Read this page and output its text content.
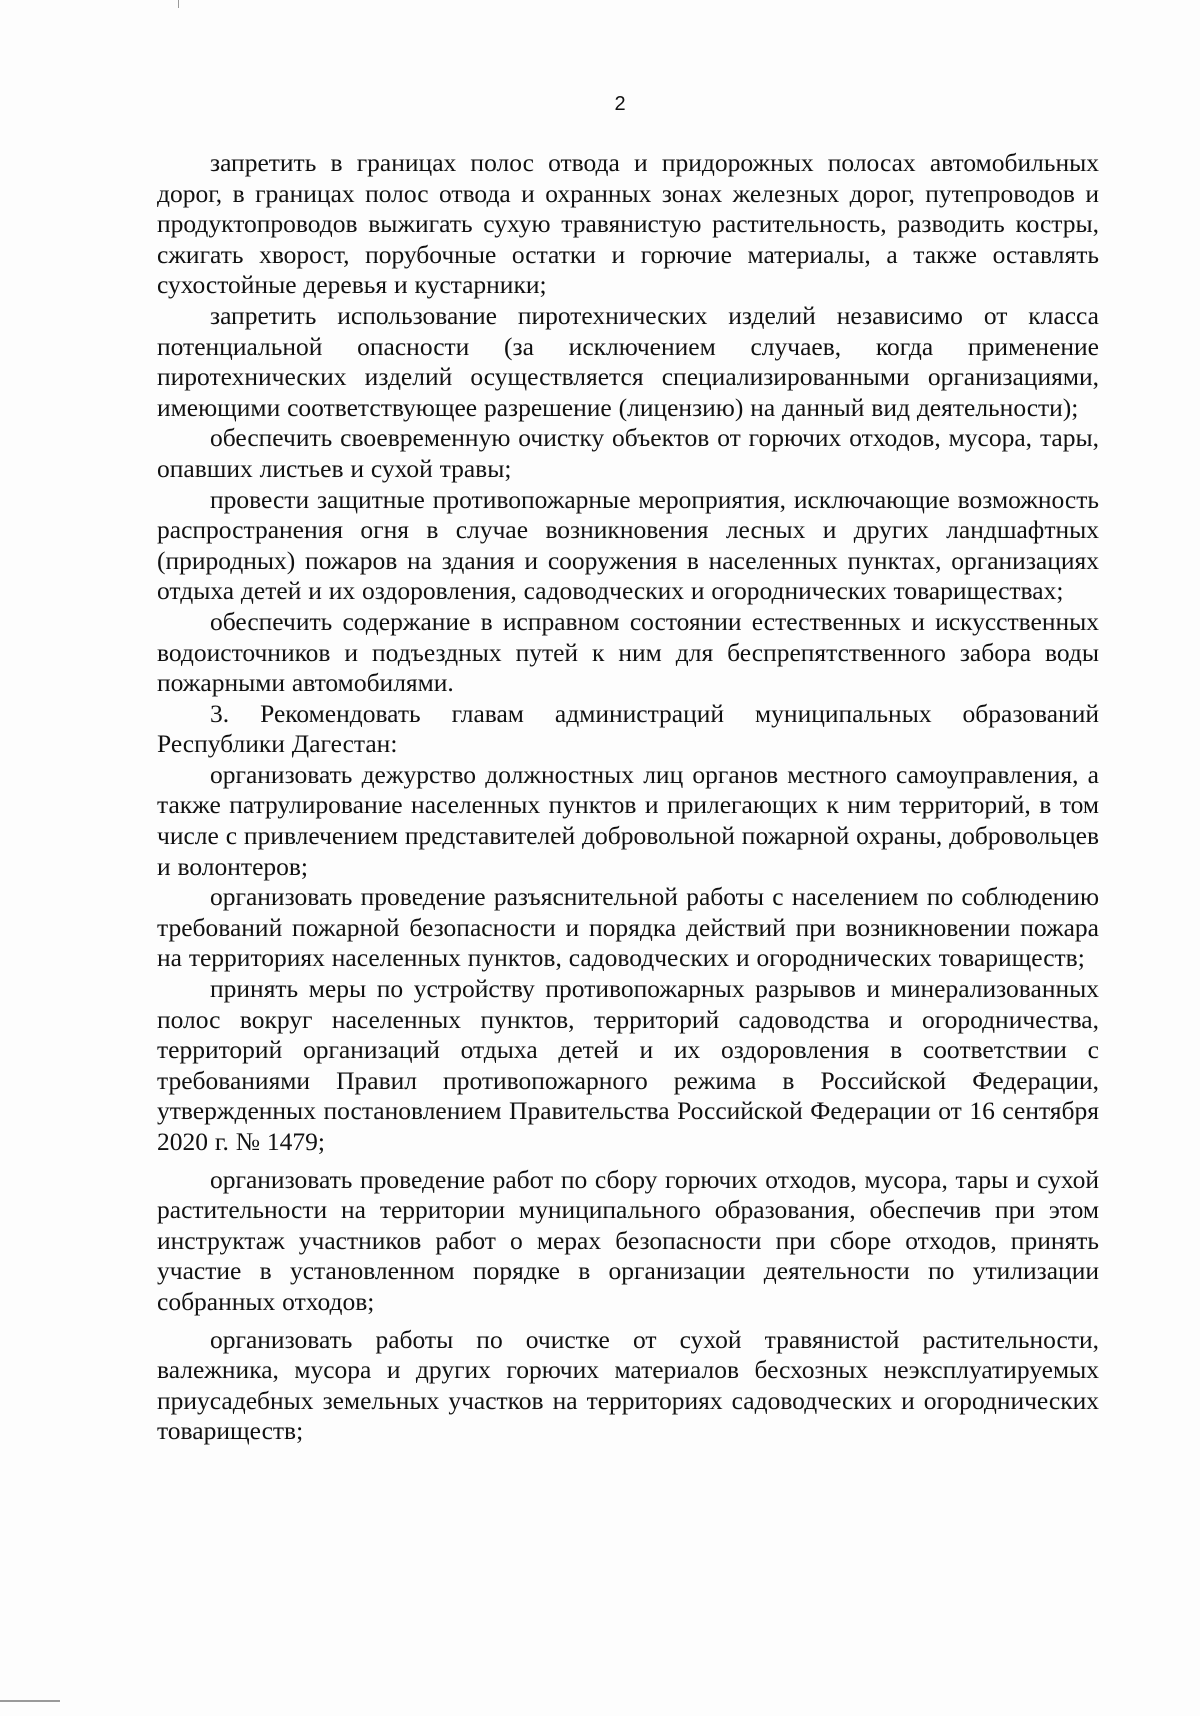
2

запретить в границах полос отвода и придорожных полосах автомобильных дорог, в границах полос отвода и охранных зонах железных дорог, путепроводов и продуктопроводов выжигать сухую травянистую растительность, разводить костры, сжигать хворост, порубочные остатки и горючие материалы, а также оставлять сухостойные деревья и кустарники;

запретить использование пиротехнических изделий независимо от класса потенциальной опасности (за исключением случаев, когда применение пиротехнических изделий осуществляется специализированными организациями, имеющими соответствующее разрешение (лицензию) на данный вид деятельности);

обеспечить своевременную очистку объектов от горючих отходов, мусора, тары, опавших листьев и сухой травы;

провести защитные противопожарные мероприятия, исключающие возможность распространения огня в случае возникновения лесных и других ландшафтных (природных) пожаров на здания и сооружения в населенных пунктах, организациях отдыха детей и их оздоровления, садоводческих и огороднических товариществах;

обеспечить содержание в исправном состоянии естественных и искусственных водоисточников и подъездных путей к ним для беспрепятственного забора воды пожарными автомобилями.

3. Рекомендовать главам администраций муниципальных образований Республики Дагестан:

организовать дежурство должностных лиц органов местного самоуправления, а также патрулирование населенных пунктов и прилегающих к ним территорий, в том числе с привлечением представителей добровольной пожарной охраны, добровольцев и волонтеров;

организовать проведение разъяснительной работы с населением по соблюдению требований пожарной безопасности и порядка действий при возникновении пожара на территориях населенных пунктов, садоводческих и огороднических товариществ;

принять меры по устройству противопожарных разрывов и минерализованных полос вокруг населенных пунктов, территорий садоводства и огородничества, территорий организаций отдыха детей и их оздоровления в соответствии с требованиями Правил противопожарного режима в Российской Федерации, утвержденных постановлением Правительства Российской Федерации от 16 сентября 2020 г. № 1479;

организовать проведение работ по сбору горючих отходов, мусора, тары и сухой растительности на территории муниципального образования, обеспечив при этом инструктаж участников работ о мерах безопасности при сборе отходов, принять участие в установленном порядке в организации деятельности по утилизации собранных отходов;

организовать работы по очистке от сухой травянистой растительности, валежника, мусора и других горючих материалов бесхозных неэксплуатируемых приусадебных земельных участков на территориях садоводческих и огороднических товариществ;
